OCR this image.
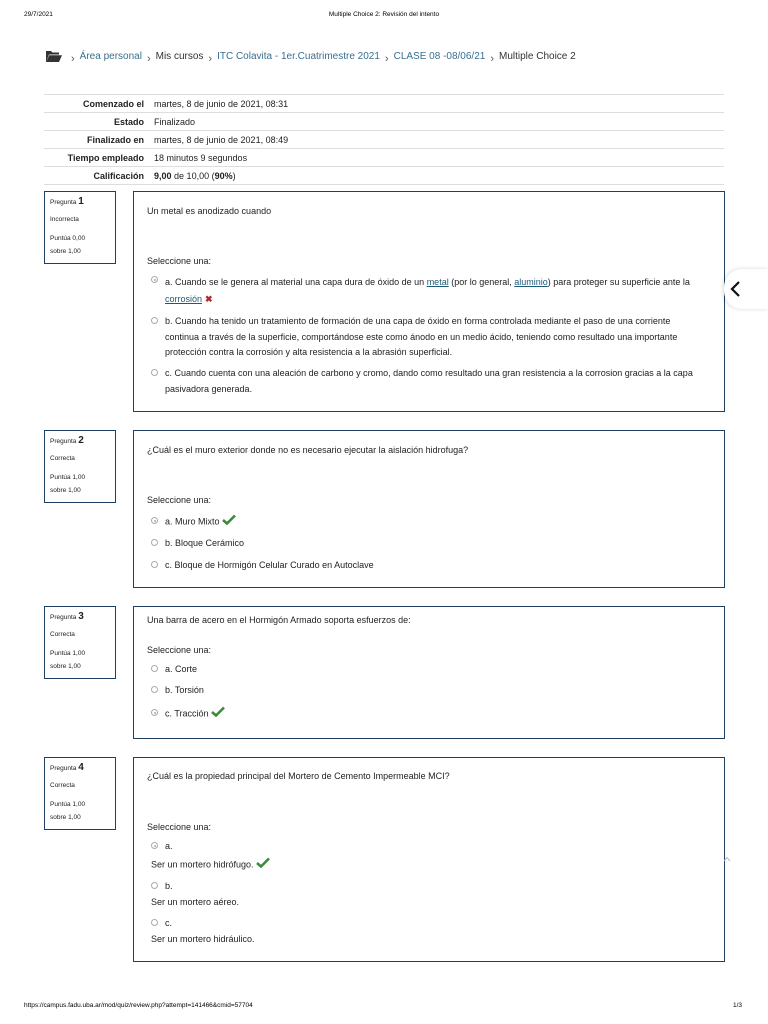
29/7/2021	Multiple Choice 2: Revisión del intento
› Área personal › Mis cursos › ITC Colavita - 1er.Cuatrimestre 2021 › CLASE 08 -08/06/21 › Multiple Choice 2
Comenzado el	martes, 8 de junio de 2021, 08:31
Estado	Finalizado
Finalizado en	martes, 8 de junio de 2021, 08:49
Tiempo empleado	18 minutos 9 segundos
Calificación	9,00 de 10,00 (90%)
Pregunta 1
Incorrecta
Puntúa 0,00
sobre 1,00
Un metal es anodizado cuando
Seleccione una:
a. Cuando se le genera al material una capa dura de óxido de un metal (por lo general, aluminio) para proteger su superficie ante la corrosión ✖
b. Cuando ha tenido un tratamiento de formación de una capa de óxido en forma controlada mediante el paso de una corriente continua a través de la superficie, comportándose este como ánodo en un medio ácido, teniendo como resultado una importante protección contra la corrosión y alta resistencia a la abrasión superficial.
c. Cuando cuenta con una aleación de carbono y cromo, dando como resultado una gran resistencia a la corrosion gracias a la capa pasivadora generada.
Pregunta 2
Correcta
Puntúa 1,00
sobre 1,00
¿Cuál es el muro exterior donde no es necesario ejecutar la aislación hidrofuga?
Seleccione una:
a. Muro Mixto
b. Bloque Cerámico
c. Bloque de Hormigón Celular Curado en Autoclave
Pregunta 3
Correcta
Puntúa 1,00
sobre 1,00
Una barra de acero en el Hormigón Armado soporta esfuerzos de:
Seleccione una:
a. Corte
b. Torsión
c. Tracción
Pregunta 4
Correcta
Puntúa 1,00
sobre 1,00
¿Cuál es la propiedad principal del Mortero de Cemento Impermeable MCI?
Seleccione una:
a.
Ser un mortero hidrófugo.
b.
Ser un mortero aéreo.
c.
Ser un mortero hidráulico.
https://campus.fadu.uba.ar/mod/quiz/review.php?attempt=141466&cmid=57704	1/3
